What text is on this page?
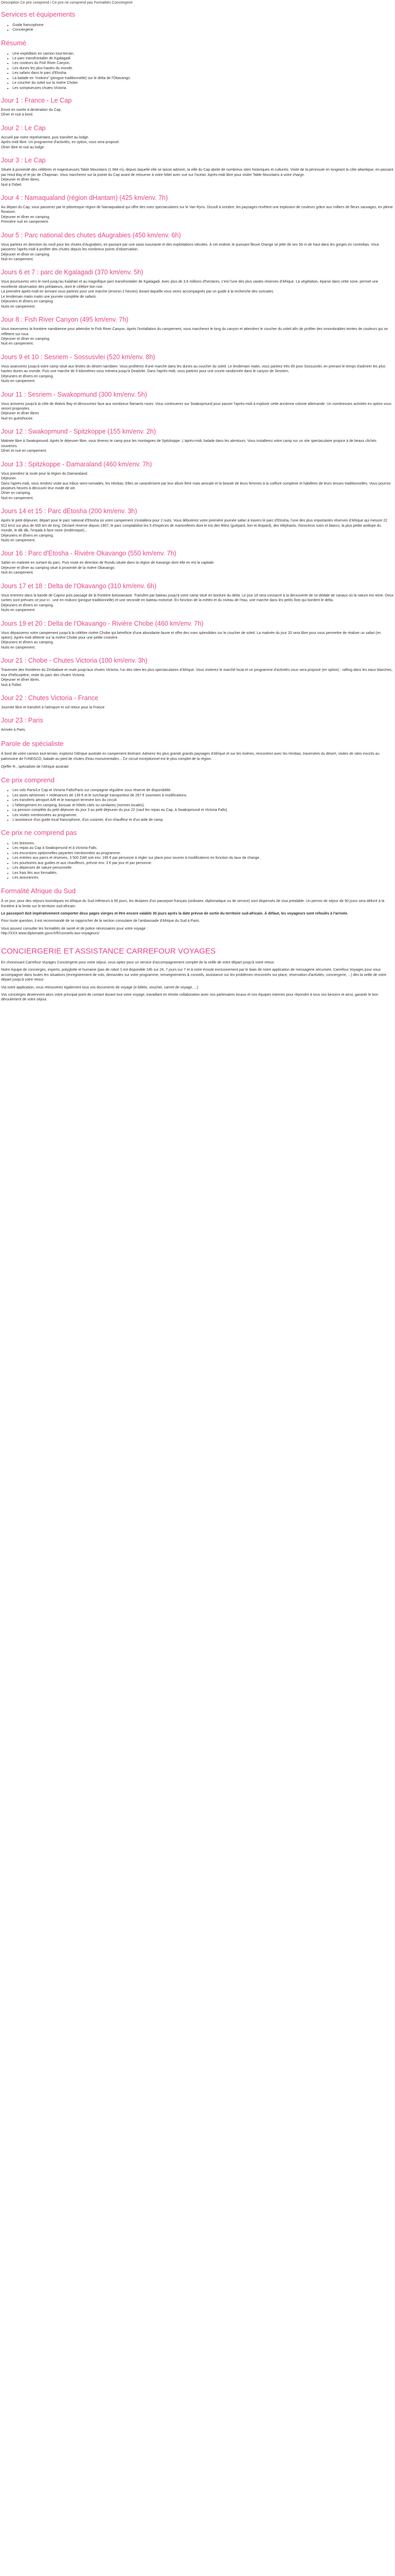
Description Ce prix comprend / Ce prix ne comprend pas Formalités Conciergerie

Services et équipements
• Guide francophone
• Conciergerie
Résumé
• Une expédition en camion tout-terrain.
• Le parc transfrontalier de Kgalagadi.
• Les couleurs du Fish River Canyon.
• Les dunes les plus hautes du monde.
• Les safaris dans le parc d'Etosha.
• La balade en "mokoro" (pirogue traditionnelle) sur le delta de l'Okavango.
• Le coucher du soleil sur la rivière Chobe.
• Les somptueuses chutes Victoria.
Jour 1 : France - Le Cap

Envol en soirée à destination du Cap.
Dîner et nuit à bord.

Jour 2 : Le Cap

Accueil par notre représentant, puis transfert au lodge.
Après-midi libre. Un programme d'activités, en option, vous sera proposé.
Dîner libre et nuit au lodge.

Jour 3 : Le Cap

Située à proximité des célèbres et majestueuses Table Mountains (1 084 m), depuis laquelle elle se laisse admirer, la ville du Cap abrite de nombreux sites historiques et culturels. Visite de la péninsule en longeant la côte atlantique, en passant par Hout Bay et le pic de Chapman. Vous marcherez sur la pointe du Cap avant de retourner à votre hôtel avec vue sur l'océan. Après-midi libre pour visiter Table Mountains à votre charge.
Déjeuner et dîner libres.
Nuit à l'hôtel.

Jour 4 : Namaqualand (région dHantam) (425 km/env. 7h)

Au départ du Cap, vous passerez par le pittoresque région de Namaqualand qui offre des vues spectaculaires sur le Van Ryns. Dissolt à octobre, les paysages revêtent une explosion de couleurs grâce aux milliers de fleurs sauvages, en pleine floraison.
Déjeuner et dîner en camping.
Première nuit en campement.

Jour 5 : Parc national des chutes dAugrabies (450 km/env. 6h)

Vous partirez en direction du nord pour les chutes d'Augrabies, en passant par une oasis luxuriante et des exploitations viticoles. À cet endroit, le puissant fleuve Orange se jette de ses 56 m de haut dans les gorges en contrebas. Vous passerez l'après-midi à profiter des chutes depuis les nombreux points d'observation.
Déjeuner et dîner en camping.
Nuit en campement.

Jours 6 et 7 : parc de Kgalagadi (370 km/env. 5h)

Vous poursuivrez vers le nord jusqu'au Kalahari et au magnifique parc transfrontalier de Kgalagadi. Avec plus de 3,6 millions d'hectares, c'est l'une des plus vastes réserves d'Afrique. La végétation, éparse dans cette zone, permet une excellente observation des prédateurs, dont le célèbre lion noir.
La première après-midi en arrivant vous partirez pour une marche (environ 2 heures) durant laquelle vous serez accompagnés par un guide à la recherche des suricates.
Le lendemain matin matin une journée complète de safaris.
Déjeuners et dîners en camping.
Nuits en campement.

Jour 8 : Fish River Canyon (495 km/env. 7h)

Vous traverserez la frontière namibienne pour atteindre le Fish River Canyon. Après l'installation du campement, vous marcherez le long du canyon et attendrez le coucher du soleil afin de profiter des innombrables teintes de couleurs qui se reflètent sur roux.
Déjeuner et dîner en camping.
Nuit en campement.

Jours 9 et 10 : Sesriem - Sossusvlei (520 km/env. 8h)

Vous avancerez jusqu'à votre camp situé aux limites du désert namibien. Vous profiterez d'une marche dans les dunes au coucher du soleil. Le lendemain matin, vous partirez très tôt pour Sossusvlei, en prenant le temps d'admirer les plus hautes dunes au monde. Puis une marche de 5 kilomètres vous mènera jusqu'à Deadvlei. Dans l'après-midi, vous partirez pour une courte randonnée dans le canyon de Sesriem.
Déjeuners et dîners en camping.
Nuits en campement.

Jour 11 : Sesriem - Swakopmund (300 km/env. 5h)

Vous arriverez jusqu'à la côte de Walvis Bay et découvrirez face aux nombreux flamants roses. Vous continuerez sur Swakopmund pour passer l'après-midi à explorer cette ancienne colonie allemande. Un nombreuses activités en option vous seront proposées.
Déjeuner et dîner libres
Nuit en guesthouse.

Jour 12 : Swakopmund - Spitzkoppe (155 km/env. 2h)

Matinée libre à Swakopmund. Après le déjeuner libre, vous lèverez le camp pour les montagnes de Spitzkoppe. L'après-midi, balade dans les alentours. Vous installerez votre camp sur un site spectaculaire propice à de beaux clichés souvenirs.
Dîner et nuit en campement.

Jour 13 : Spitzkoppe - Damaraland (460 km/env. 7h)

Vous prendrez la route pour la région du Damaraland.
Déjeuner.
Dans l'après-midi, vous rendrez visite aux tribus semi-nomades, les Himbas. Elles se caractérisent par leur allure fière mais amicale et la beauté de leurs femmes à la coiffure complexe et habillées de leurs tenues traditionnelles. Vous pourrez plusieurs heures à découvrir leur mode de vie.
Dîner en camping.
Nuit en campement.

Jours 14 et 15 : Parc dEtosha (200 km/env. 3h)

Après le petit déjeuner, départ pour le parc national d'Etosha où votre campement s'installera pour 2 nuits. Vous débuterez votre première journée safari à travers le parc d'Etosha, l'une des plus importantes réserves d'Afrique qui mesure 22 912 km2 sur plus de 500 km de long. Déclaré réserve depuis 1907, le parc comptabilise les 5 d'espèces de mammifères dont le trio des félins (guépard, lion et léopard), des éléphants, rhinocéros noirs et blancs, la plus petite antilope du monde, le dik dik, l'impala à face noire (endémique)...
Déjeuners et dîners en camping.
Nuits en campement.

Jour 16 : Parc d'Etosha - Rivière Okavango (550 km/env. 7h)

Safari en matinée en sortant du parc. Puis route en direction de Rundu située dans la région de Kavango dont elle en est la capitale.
Déjeuner et dîner au camping situé à proximité de la rivière Okavango.
Nuit en campement.

Jours 17 et 18 : Delta de l'Okavango (310 km/env. 6h)

Vous entrerez dans la bande de Caprivi puis passage de la frontière botswanaise. Transfert par bateau jusqu'à votre camp situé en bordure du delta. Le jour 18 sera consacré à la découverte de ce dédale de canaux où la nature est reine. Deux sorties sont prévues ce jour-ci : une en mokoro (pirogue traditionnelle) et une seconde en bateau motorisé. En fonction de la météo et du niveau de l'eau, une marche dans les petits îlots qui bordent le delta.
Déjeuners et dîners en camping.
Nuits en campement.

Jours 19 et 20 : Delta de l'Okavango - Rivière Chobe (460 km/env. 7h)

Vous dépasserez votre campement jusqu'à la célèbre rivière Chobe qui bénéficie d'une abondante faune et offre des vues splendides sur le coucher de soleil. La matinée du jour 20 sera libre pour vous permettre de réaliser un safari (en option). Après-midi détente sur la rivière Chobe pour une petite croisière.
Déjeuners et dîners au camping.
Nuits en campement.

Jour 21 : Chobe - Chutes Victoria (100 km/env. 3h)

Traversée des frontières du Zimbabwe et route jusqu'aux chutes Victoria, l'un des sites les plus spectaculaires d'Afrique. Vous visiterez le marché local et un programme d'activités vous sera proposé (en option) : rafting dans les eaux blanches, tour d'hélicoptère, visite du parc des chutes Victoria.
Déjeuner et dîner libres.
Nuit à l'hôtel.

Jour 22 : Chutes Victoria - France

Journée libre et transfert à l'aéroport et vol retour pour la France

Jour 23 : Paris

Arrivée à Paris.

Parole de spécialiste

À bord de votre camion tout-terrain, explorez l'Afrique australe en campement itinérant. Admirez les plus grands grands paysages d'Afrique et sur les rivières, rencontrez avec les Himbas, traversées du désert, visites de sites inscrits au patrimoine de l'UNESCO, balade au pied de chutes d'eau monumentales... Ce circuit exceptionnel est le plus complet de la région.

Djeffer R., spécialiste de l'Afrique australe

Ce prix comprend
• Les vols Paris/Le Cap et Victoria Falls/Paris sur compagnie régulière sous réserve de disponibilité.
• Les taxes aériennes + redevances de 139 € et le surcharge transporteur de 267 € soumises à modifications.
• Les transferts aéroport A/R et le transport terrestre lors du circuit.
• L'hébergement en camping, bivouac et hôtels cités ou similaires (normes locales).
• La pension complète du petit déjeuner du jour 3 au petit déjeuner du jour 22 (sauf les repas au Cap, à Swakopmund et Victoria Falls).
• Les visites mentionnées au programme.
• L'assistance d'un guide local francophone, d'un cuisinier, d'un chauffeur et d'un aide de camp.
Ce prix ne comprend pas
• Les boissons.
• Les repas au Cap à Swakopmund et à Victoria Falls.
• Les excursions optionnelles payantes mentionnées au programme.
• Les entrées aux parcs et réserves, 3 500 ZAR soit env. 195 € par personne à régler sur place pour soumis à modifications en fonction du taux de change.
• Les pourboires aux guides et aux chauffeurs, prévoir env. 3 € par jour et par personne.
• Les dépenses de nature personnelle.
• Les frais liés aux formalités.
• Les assurances.
Formalité Afrique du Sud

À ce jour, pour des séjours touristiques en Afrique du Sud inférieurs à 90 jours, les titulaires d'un passeport français (ordinaire, diplomatique ou de service) sont dispensés de visa préalable. Un permis de séjour de 90 jours sera délivré à la frontière à la limite sur le territoire sud-africain.

Le passeport doit impérativement comporter deux pages vierges et être encore valable 30 jours après la date prévue de sortie du territoire sud-africain. À défaut, les voyageurs sont refoulés à l'arrivée.

Pour toute question, il est recommandé de se rapprocher de la section consulaire de l'ambassade d'Afrique du Sud à Paris.

Vous pouvez consulter les formalités de santé et de police nécessaires pour votre voyage :
http://XXX.www.diplomatie.gouv.fr/fr/conseils-aux-voyageurs/

CONCIERGERIE ET ASSISTANCE CARREFOUR VOYAGES

En choisissant Carrefour Voyages Conciergerie pour votre séjour, vous optez pour un service d'accompagnement complet de la veille de votre départ jusqu'à votre retour.

Notre équipe de concierges, experts, polyglotte et humaine (pas de robot !) est disponible 24h sur 24, 7 jours sur 7 et à votre écoute exclusivement par le biais de notre application de messagerie sécurisée, Carrefour Voyages pour vous accompagner dans toutes les situations (enregistrement de vols, demandes sur votre programme, renseignements & conseils, assistance sur les problèmes rencontrés sur place, réservation d'activités, conciergerie, ...) dès la veille de votre départ jusqu'à votre retour.

Via votre application, vous retrouverez également tous vos documents de voyage (e-billets, voucher, carnet de voyage, ...)

Vos concierges deviennent alors votre principal point de contact durant tout votre voyage, travaillant en étroite collaboration avec nos partenaires locaux et nos équipes internes pour répondre à tous vos besoins et ainsi, garantir le bon déroulement de votre séjour.
